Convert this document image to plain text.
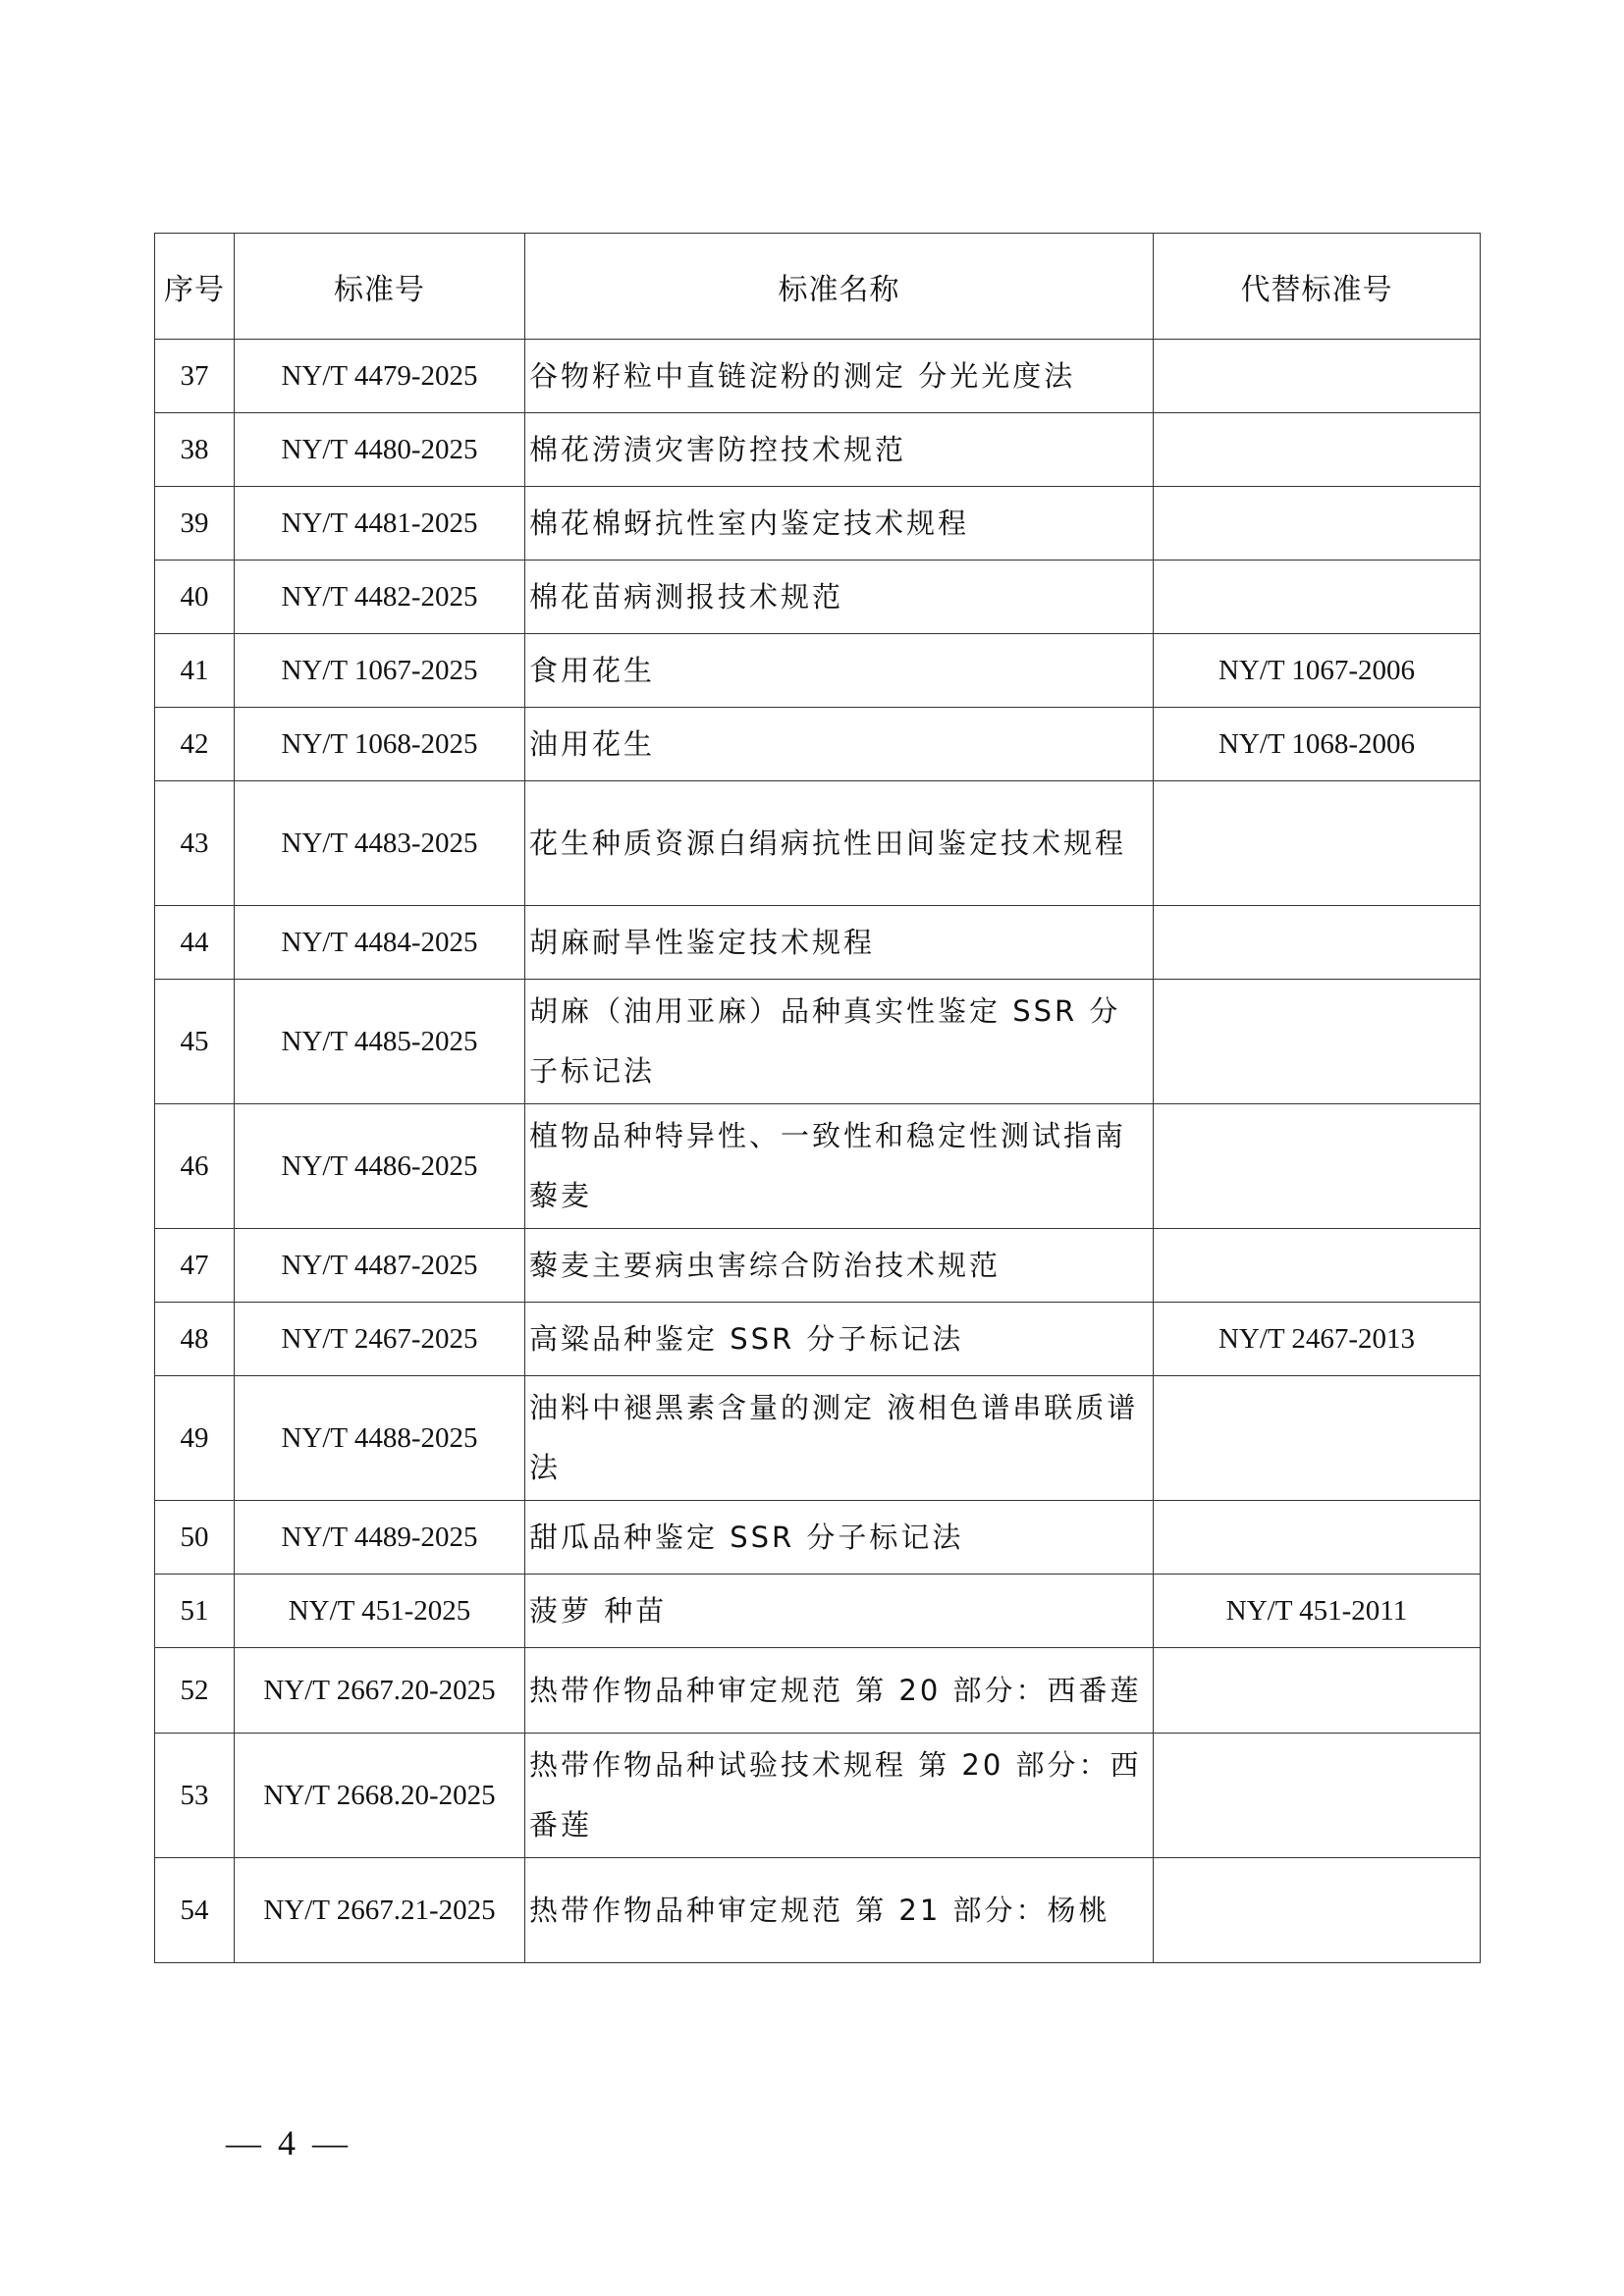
序号	标准号	标准名称	代替标准号
37	NY/T 4479-2025	谷物籽粒中直链淀粉的测定 分光光度法	
38	NY/T 4480-2025	棉花涝渍灾害防控技术规范	
39	NY/T 4481-2025	棉花棉蚜抗性室内鉴定技术规程	
40	NY/T 4482-2025	棉花苗病测报技术规范	
41	NY/T 1067-2025	食用花生	NY/T 1067-2006
42	NY/T 1068-2025	油用花生	NY/T 1068-2006
43	NY/T 4483-2025	花生种质资源白绢病抗性田间鉴定技术规程	
44	NY/T 4484-2025	胡麻耐旱性鉴定技术规程	
45	NY/T 4485-2025	胡麻（油用亚麻）品种真实性鉴定 SSR 分子标记法	
46	NY/T 4486-2025	植物品种特异性、一致性和稳定性测试指南 藜麦	
47	NY/T 4487-2025	藜麦主要病虫害综合防治技术规范	
48	NY/T 2467-2025	高粱品种鉴定 SSR 分子标记法	NY/T 2467-2013
49	NY/T 4488-2025	油料中褪黑素含量的测定 液相色谱串联质谱法	
50	NY/T 4489-2025	甜瓜品种鉴定 SSR 分子标记法	
51	NY/T 451-2025	菠萝 种苗	NY/T 451-2011
52	NY/T 2667.20-2025	热带作物品种审定规范 第 20 部分：西番莲	
53	NY/T 2668.20-2025	热带作物品种试验技术规程 第 20 部分：西番莲	
54	NY/T 2667.21-2025	热带作物品种审定规范 第 21 部分：杨桃	
— 4 —
